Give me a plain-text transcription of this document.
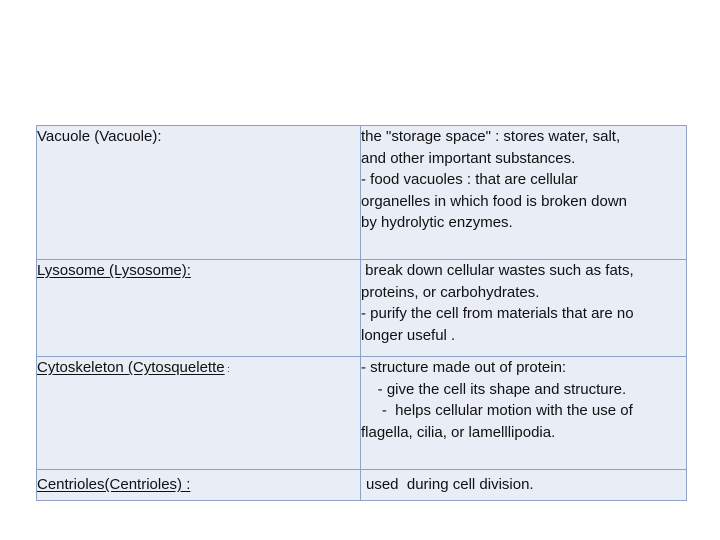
Vacuole (Vacuole):	the "storage space" : stores water, salt,
and other important substances.
- food vacuoles : that are cellular
organelles in which food is broken down
by hydrolytic enzymes.

Lysosome (Lysosome):	break down cellular wastes such as fats,
proteins, or carbohydrates.
- purify the cell from materials that are no
longer useful .

Cytoskeleton (Cytosquelette :	- structure made out of protein:
- give the cell its shape and structure.
-  helps cellular motion with the use of
flagella, cilia, or lamelllipodia.

Centrioles(Centrioles) :	used  during cell division.
